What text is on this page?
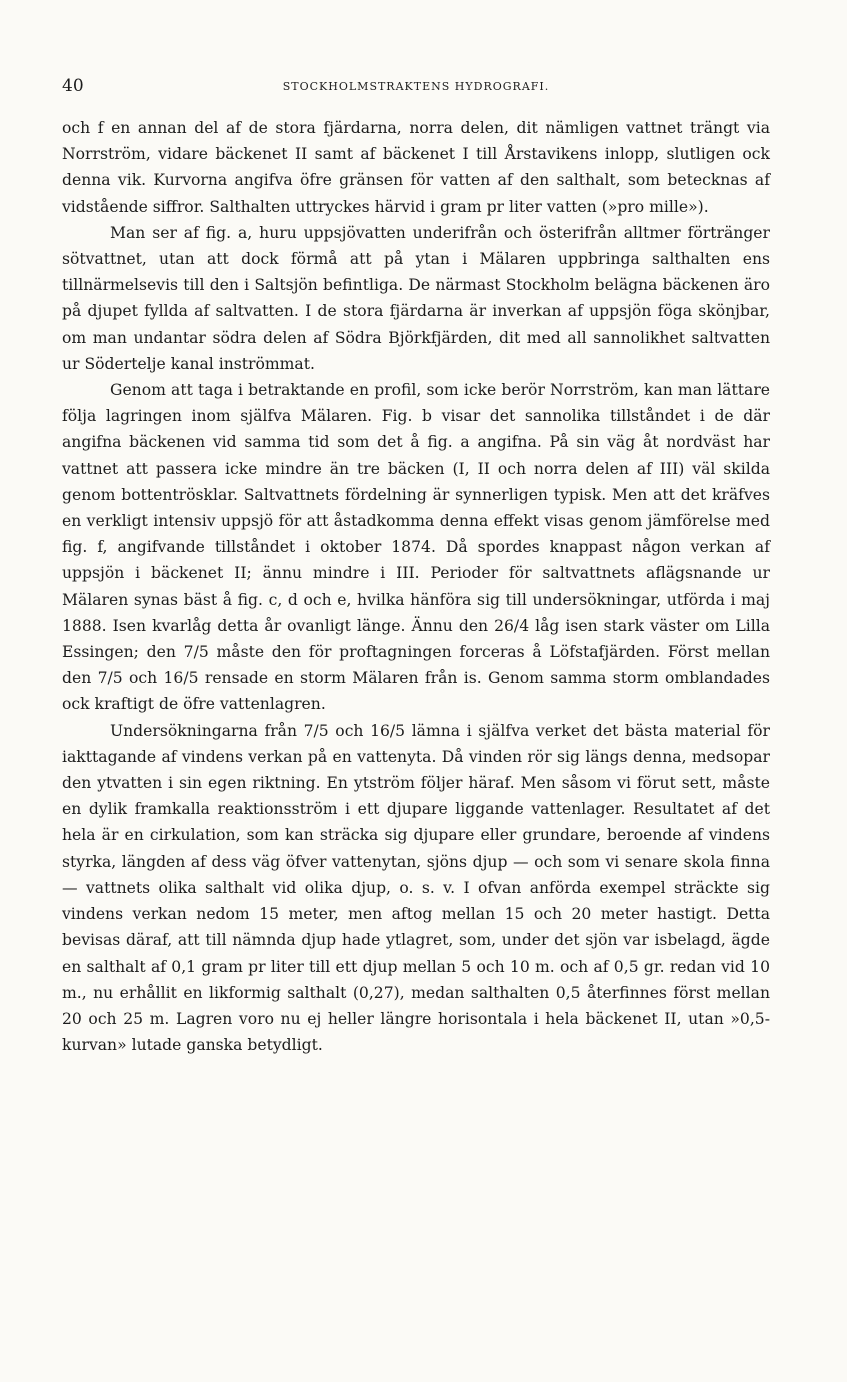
40	STOCKHOLMSTRAKTENS HYDROGRAFI.

och f en annan del af de stora fjärdarna, norra delen, dit nämligen vattnet trängt via Norrström, vidare bäckenet II samt af bäckenet I till Årstavikens inlopp, slutligen ock denna vik. Kurvorna angifva öfre gränsen för vatten af den salthalt, som betecknas af vidstående siffror. Salthalten uttryckes härvid i gram pr liter vatten (»pro mille»).

Man ser af fig. a, huru uppsjövatten underifrån och österifrån alltmer förtränger sötvattnet, utan att dock förmå att på ytan i Mälaren uppbringa salthalten ens tillnärmelsevis till den i Saltsjön befintliga. De närmast Stockholm belägna bäckenen äro på djupet fyllda af saltvatten. I de stora fjärdarna är inverkan af uppsjön föga skönjbar, om man undantar södra delen af Södra Björkfjärden, dit med all sannolikhet saltvatten ur Södertelje kanal inströmmat.

Genom att taga i betraktande en profil, som icke berör Norrström, kan man lättare följa lagringen inom själfva Mälaren. Fig. b visar det sannolika tillståndet i de där angifna bäckenen vid samma tid som det å fig. a angifna. På sin väg åt nordväst har vattnet att passera icke mindre än tre bäcken (I, II och norra delen af III) väl skilda genom bottentrösklar. Saltvattnets fördelning är synnerligen typisk. Men att det kräfves en verkligt intensiv uppsjö för att åstadkomma denna effekt visas genom jämförelse med fig. f, angifvande tillståndet i oktober 1874. Då spordes knappast någon verkan af uppsjön i bäckenet II; ännu mindre i III. Perioder för saltvattnets aflägsnande ur Mälaren synas bäst å fig. c, d och e, hvilka hänföra sig till undersökningar, utförda i maj 1888. Isen kvarlåg detta år ovanligt länge. Ännu den 26/4 låg isen stark väster om Lilla Essingen; den 7/5 måste den för proftagningen forceras å Löfstafjärden. Först mellan den 7/5 och 16/5 rensade en storm Mälaren från is. Genom samma storm omblandades ock kraftigt de öfre vattenlagren.

Undersökningarna från 7/5 och 16/5 lämna i själfva verket det bästa material för iakttagande af vindens verkan på en vattenyta. Då vinden rör sig längs denna, medsopar den ytvatten i sin egen riktning. En ytström följer häraf. Men såsom vi förut sett, måste en dylik framkalla reaktionsström i ett djupare liggande vattenlager. Resultatet af det hela är en cirkulation, som kan sträcka sig djupare eller grundare, beroende af vindens styrka, längden af dess väg öfver vattenytan, sjöns djup — och som vi senare skola finna — vattnets olika salthalt vid olika djup, o. s. v. I ofvan anförda exempel sträckte sig vindens verkan nedom 15 meter, men aftog mellan 15 och 20 meter hastigt. Detta bevisas däraf, att till nämnda djup hade ytlagret, som, under det sjön var isbelagd, ägde en salthalt af 0,1 gram pr liter till ett djup mellan 5 och 10 m. och af 0,5 gr. redan vid 10 m., nu erhållit en likformig salthalt (0,27), medan salthalten 0,5 återfinnes först mellan 20 och 25 m. Lagren voro nu ej heller längre horisontala i hela bäckenet II, utan »0,5-kurvan» lutade ganska betydligt.
